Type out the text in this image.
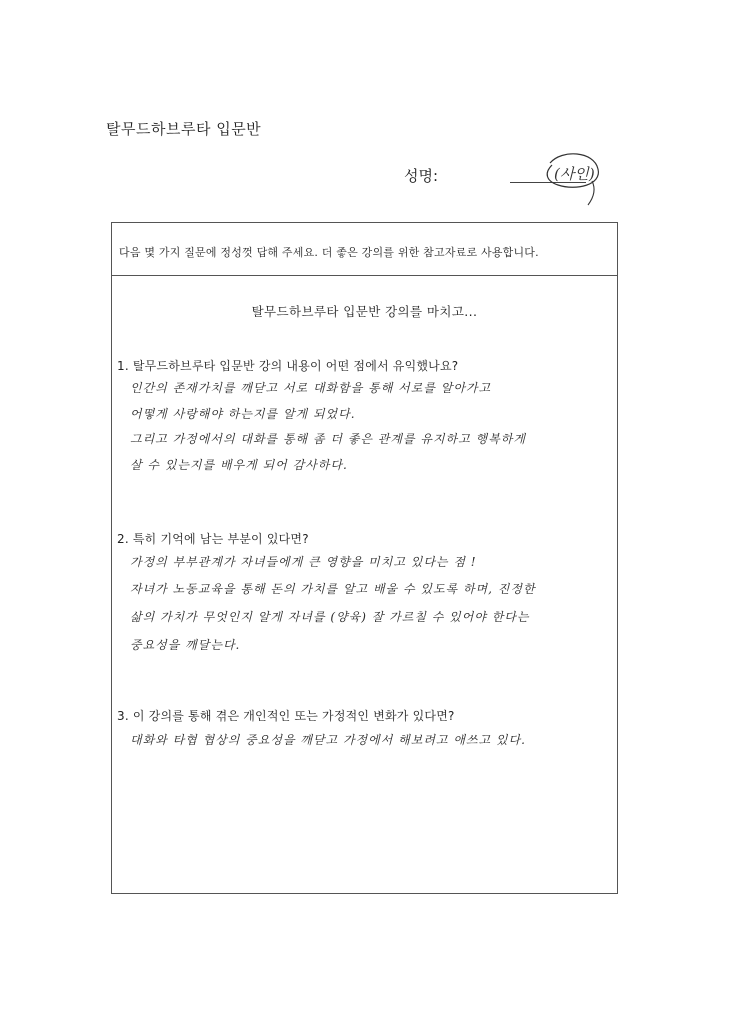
탈무드하브루타 입문반
성명:	(사인)
다음 몇 가지 질문에 정성껏 답해 주세요. 더 좋은 강의를 위한 참고자료로 사용합니다.
탈무드하브루타 입문반 강의를 마치고...
1. 탈무드하브루타 입문반 강의 내용이 어떤 점에서 유익했나요?
인간의 존재가치를 깨닫고 서로 대화함을 통해 서로를 알아가고
어떻게 사랑해야 하는지를 알게 되었다.
그리고 가정에서의 대화를 통해 좀 더 좋은 관계를 유지하고 행복하게
살 수 있는지를 배우게 되어 감사하다.
2. 특히 기억에 남는 부분이 있다면?
가정의 부부관계가 자녀들에게 큰 영향을 미치고 있다는 점 !
자녀가 노동교육을 통해 돈의 가치를 알고 배울 수 있도록 하며, 진정한
삶의 가치가 무엇인지 알게 자녀를 (양육) 잘 가르칠 수 있어야 한다는
중요성을 깨달는다.
3. 이 강의를 통해 겪은 개인적인 또는 가정적인 변화가 있다면?
대화와 타협 협상의 중요성을 깨닫고 가정에서 해보려고 애쓰고 있다.
